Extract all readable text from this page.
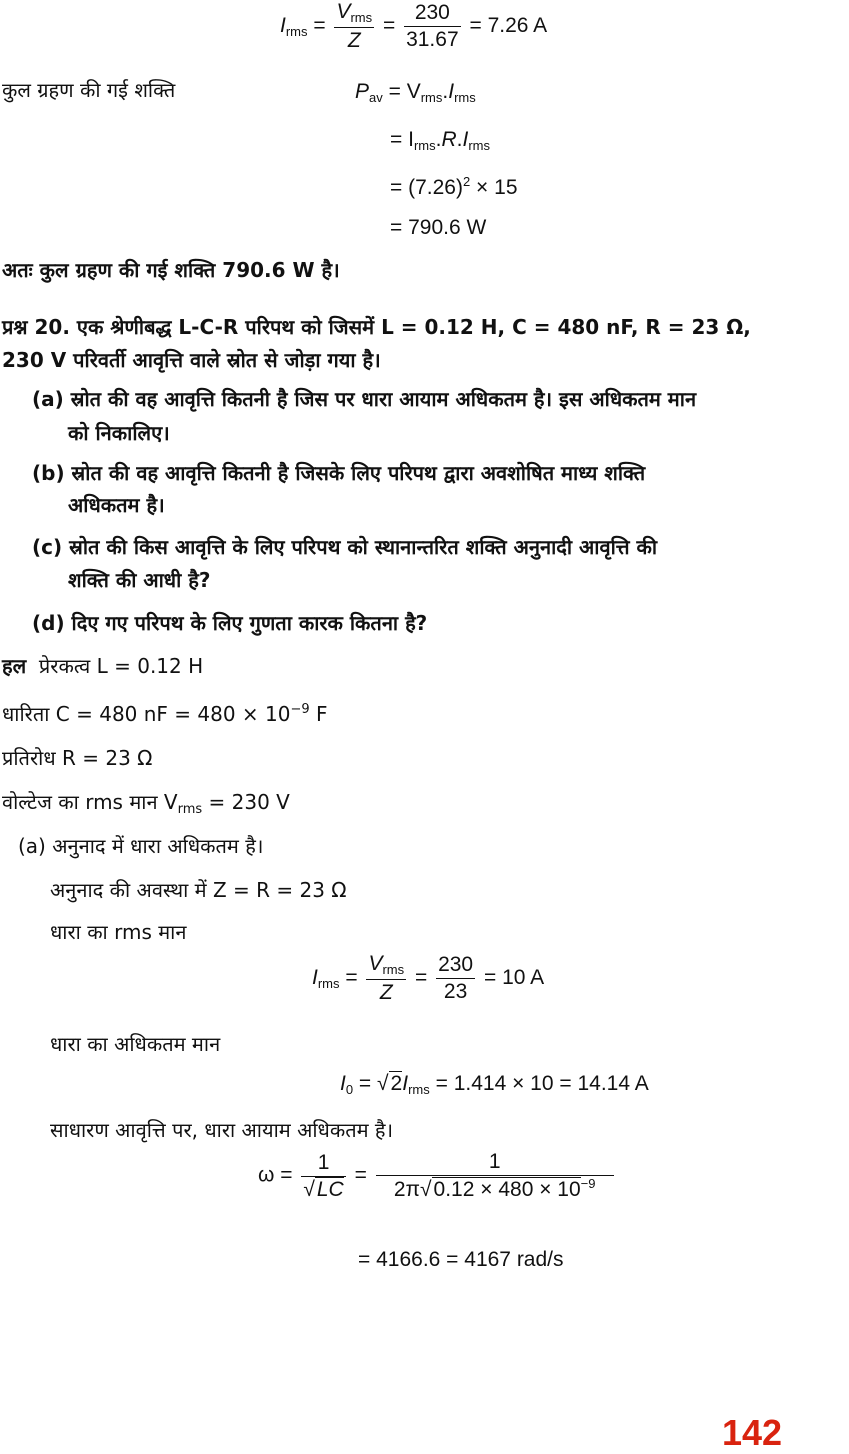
$I_{rms} = \frac{V_{rms}}{Z} = \frac{230}{31.67} = 7.26$ A
कुल ग्रहण की गई शक्ति	$P_{av} = V_{rms}.I_{rms}$
= $I_{rms}.R.I_{rms}$
= $(7.26)^2 \times 15$
= 790.6 W
अतः कुल ग्रहण की गई शक्ति 790.6 W है।
प्रश्न 20. एक श्रेणीबद्ध L-C-R परिपथ को जिसमें L = 0.12 H, C = 480 nF, R = 23 Ω,
230 V परिवर्ती आवृत्ति वाले स्रोत से जोड़ा गया है।
(a) स्रोत की वह आवृत्ति कितनी है जिस पर धारा आयाम अधिकतम है। इस अधिकतम मान
को निकालिए।
(b) स्रोत की वह आवृत्ति कितनी है जिसके लिए परिपथ द्वारा अवशोषित माध्य शक्ति
अधिकतम है।
(c) स्रोत की किस आवृत्ति के लिए परिपथ को स्थानान्तरित शक्ति अनुनादी आवृत्ति की
शक्ति की आधी है?
(d) दिए गए परिपथ के लिए गुणता कारक कितना है?
हल प्रेरकत्व L = 0.12 H
धारिता C = 480 nF = $480 \times 10^{-9}$ F
प्रतिरोध R = 23 Ω
वोल्टेज का rms मान $V_{rms} = 230$ V
(a) अनुनाद में धारा अधिकतम है।
अनुनाद की अवस्था में Z = R = 23 Ω
धारा का rms मान
$I_{rms} = \frac{V_{rms}}{Z} = \frac{230}{23} = 10$ A
धारा का अधिकतम मान
$I_0 = √2I_{rms} = 1.414 \times 10 = 14.14$ A
साधारण आवृत्ति पर, धारा आयाम अधिकतम है।
$\omega = \frac{1}{√LC} = \frac{1}{2\pi√0.12 \times 480 \times 10^{-9}}$
= 4166.6 = 4167 rad/s
142
